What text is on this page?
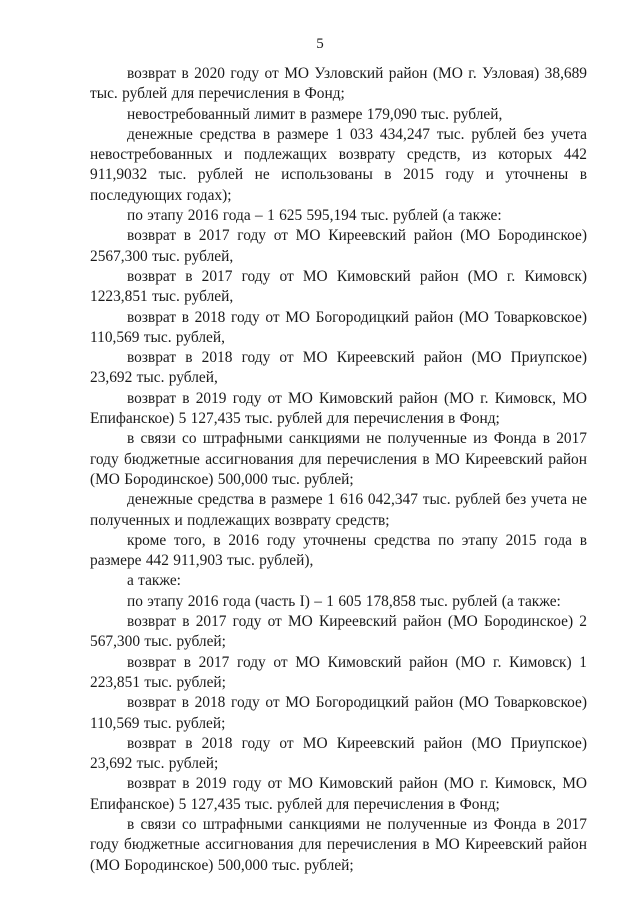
5

возврат в 2020 году от МО Узловский район (МО г. Узловая) 38,689 тыс. рублей для перечисления в Фонд;

невостребованный лимит в размере 179,090 тыс. рублей,

денежные средства в размере 1 033 434,247 тыс. рублей без учета невостребованных и подлежащих возврату средств, из которых 442 911,9032 тыс. рублей не использованы в 2015 году и уточнены в последующих годах);

по этапу 2016 года – 1 625 595,194 тыс. рублей (а также:

возврат в 2017 году от МО Киреевский район (МО Бородинское) 2567,300 тыс. рублей,

возврат в 2017 году от МО Кимовский район (МО г. Кимовск) 1223,851 тыс. рублей,

возврат в 2018 году от МО Богородицкий район (МО Товарковское) 110,569 тыс. рублей,

возврат в 2018 году от МО Киреевский район (МО Приупское) 23,692 тыс. рублей,

возврат в 2019 году от МО Кимовский район (МО г. Кимовск, МО Епифанское) 5 127,435 тыс. рублей для перечисления в Фонд;

в связи со штрафными санкциями не полученные из Фонда в 2017 году бюджетные ассигнования для перечисления в МО Киреевский район (МО Бородинское) 500,000 тыс. рублей;

денежные средства в размере 1 616 042,347 тыс. рублей без учета не полученных и подлежащих возврату средств;

кроме того, в 2016 году уточнены средства по этапу 2015 года в размере 442 911,903 тыс. рублей),

а также:

по этапу 2016 года (часть I) – 1 605 178,858 тыс. рублей (а также:

возврат в 2017 году от МО Киреевский район (МО Бородинское) 2 567,300 тыс. рублей;

возврат в 2017 году от МО Кимовский район (МО г. Кимовск) 1 223,851 тыс. рублей;

возврат в 2018 году от МО Богородицкий район (МО Товарковское) 110,569 тыс. рублей;

возврат в 2018 году от МО Киреевский район (МО Приупское) 23,692 тыс. рублей;

возврат в 2019 году от МО Кимовский район (МО г. Кимовск, МО Епифанское) 5 127,435 тыс. рублей для перечисления в Фонд;

в связи со штрафными санкциями не полученные из Фонда в 2017 году бюджетные ассигнования для перечисления в МО Киреевский район (МО Бородинское) 500,000 тыс. рублей;
